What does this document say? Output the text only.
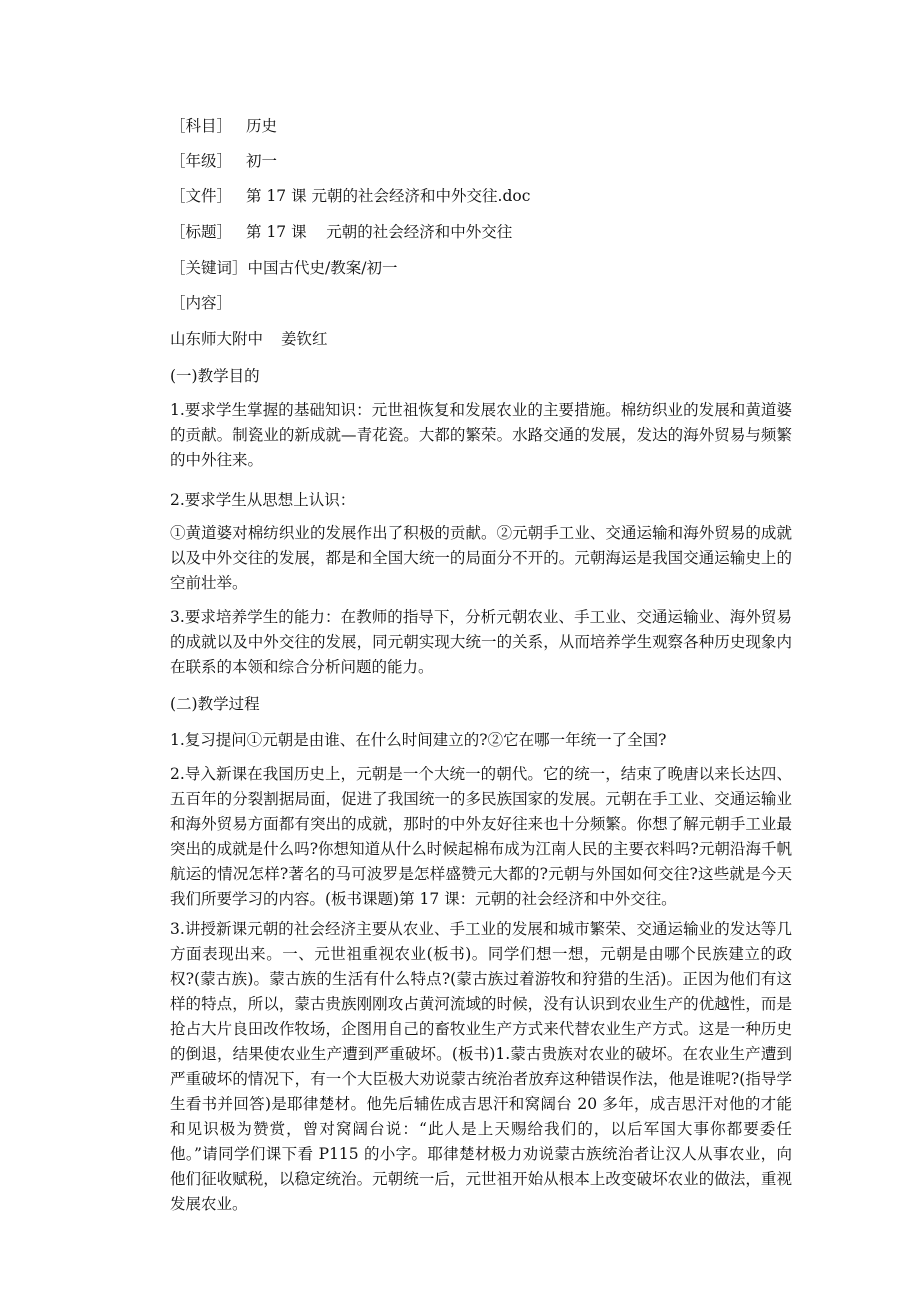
［科目］ 历史
［年级］ 初一
［文件］ 第 17 课 元朝的社会经济和中外交往.doc
［标题］ 第 17 课    元朝的社会经济和中外交往
［关键词］中国古代史/教案/初一
［内容］
山东师大附中 姜钦红
(一)教学目的
1.要求学生掌握的基础知识：元世祖恢复和发展农业的主要措施。棉纺织业的发展和黄道婆的贡献。制瓷业的新成就—青花瓷。大都的繁荣。水路交通的发展，发达的海外贸易与频繁的中外往来。
2.要求学生从思想上认识：
①黄道婆对棉纺织业的发展作出了积极的贡献。②元朝手工业、交通运输和海外贸易的成就以及中外交往的发展，都是和全国大统一的局面分不开的。元朝海运是我国交通运输史上的空前壮举。
3.要求培养学生的能力：在教师的指导下，分析元朝农业、手工业、交通运输业、海外贸易的成就以及中外交往的发展，同元朝实现大统一的关系，从而培养学生观察各种历史现象内在联系的本领和综合分析问题的能力。
(二)教学过程
1.复习提问①元朝是由谁、在什么时间建立的?②它在哪一年统一了全国?
2.导入新课在我国历史上，元朝是一个大统一的朝代。它的统一，结束了晚唐以来长达四、五百年的分裂割据局面，促进了我国统一的多民族国家的发展。元朝在手工业、交通运输业和海外贸易方面都有突出的成就，那时的中外友好往来也十分频繁。你想了解元朝手工业最突出的成就是什么吗?你想知道从什么时候起棉布成为江南人民的主要衣料吗?元朝沿海千帆航运的情况怎样?著名的马可波罗是怎样盛赞元大都的?元朝与外国如何交往?这些就是今天我们所要学习的内容。(板书课题)第 17 课：元朝的社会经济和中外交往。
3.讲授新课元朝的社会经济主要从农业、手工业的发展和城市繁荣、交通运输业的发达等几方面表现出来。一、元世祖重视农业(板书)。同学们想一想，元朝是由哪个民族建立的政权?(蒙古族)。蒙古族的生活有什么特点?(蒙古族过着游牧和狩猎的生活)。正因为他们有这样的特点，所以，蒙古贵族刚刚攻占黄河流域的时候，没有认识到农业生产的优越性，而是抢占大片良田改作牧场，企图用自己的畜牧业生产方式来代替农业生产方式。这是一种历史的倒退，结果使农业生产遭到严重破坏。(板书)1.蒙古贵族对农业的破坏。在农业生产遭到严重破坏的情况下，有一个大臣极大劝说蒙古统治者放弃这种错误作法，他是谁呢?(指导学生看书并回答)是耶律楚材。他先后辅佐成吉思汗和窝阔台 20 多年，成吉思汗对他的才能和见识极为赞赏，曾对窝阔台说：“此人是上天赐给我们的，以后军国大事你都要委任他。”请同学们课下看 P115 的小字。耶律楚材极力劝说蒙古族统治者让汉人从事农业，向他们征收赋税，以稳定统治。元朝统一后，元世祖开始从根本上改变破坏农业的做法，重视发展农业。
